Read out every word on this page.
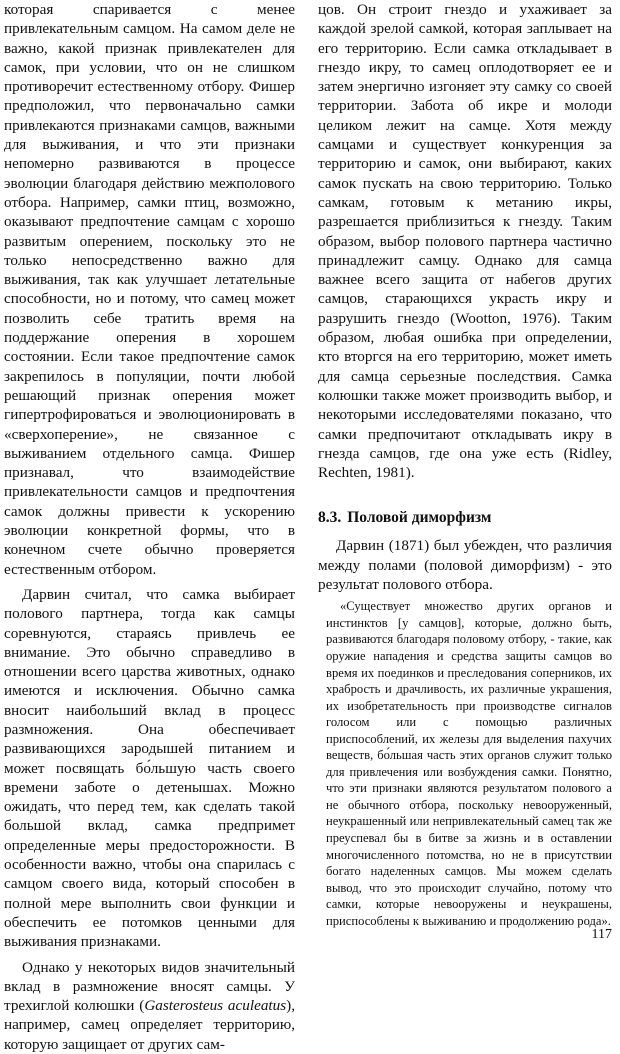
которая спаривается с менее привлекательным самцом. На самом деле не важно, какой признак привлекателен для самок, при условии, что он не слишком противоречит естественному отбору. Фишер предположил, что первоначально самки привлекаются признаками самцов, важными для выживания, и что эти признаки непомерно развиваются в процессе эволюции благодаря действию межполового отбора. Например, самки птиц, возможно, оказывают предпочтение самцам с хорошо развитым оперением, поскольку это не только непосредственно важно для выживания, так как улучшает летательные способности, но и потому, что самец может позволить себе тратить время на поддержание оперения в хорошем состоянии. Если такое предпочтение самок закрепилось в популяции, почти любой решающий признак оперения может гипертрофироваться и эволюционировать в «сверхоперение», не связанное с выживанием отдельного самца. Фишер признавал, что взаимодействие привлекательности самцов и предпочтения самок должны привести к ускорению эволюции конкретной формы, что в конечном счете обычно проверяется естественным отбором.

Дарвин считал, что самка выбирает полового партнера, тогда как самцы соревнуются, стараясь привлечь ее внимание. Это обычно справедливо в отношении всего царства животных, однако имеются и исключения. Обычно самка вносит наибольший вклад в процесс размножения. Она обеспечивает развивающихся зародышей питанием и может посвящать бо́льшую часть своего времени заботе о детенышах. Можно ожидать, что перед тем, как сделать такой большой вклад, самка предпримет определенные меры предосторожности. В особенности важно, чтобы она спарилась с самцом своего вида, который способен в полной мере выполнить свои функции и обеспечить ее потомков ценными для выживания признаками.

Однако у некоторых видов значительный вклад в размножение вносят самцы. У трехиглой колюшки (Gasterosteus aculeatus), например, самец определяет территорию, которую защищает от других сам-

цов. Он строит гнездо и ухаживает за каждой зрелой самкой, которая заплывает на его территорию. Если самка откладывает в гнездо икру, то самец оплодотворяет ее и затем энергично изгоняет эту самку со своей территории. Забота об икре и молоди целиком лежит на самце. Хотя между самцами и существует конкуренция за территорию и самок, они выбирают, каких самок пускать на свою территорию. Только самкам, готовым к метанию икры, разрешается приблизиться к гнезду. Таким образом, выбор полового партнера частично принадлежит самцу. Однако для самца важнее всего защита от набегов других самцов, старающихся украсть икру и разрушить гнездо (Wootton, 1976). Таким образом, любая ошибка при определении, кто вторгся на его территорию, может иметь для самца серьезные последствия. Самка колюшки также может производить выбор, и некоторыми исследователями показано, что самки предпочитают откладывать икру в гнезда самцов, где она уже есть (Ridley, Rechten, 1981).

8.3. Половой диморфизм

Дарвин (1871) был убежден, что различия между полами (половой диморфизм) - это результат полового отбора.

«Существует множество других органов и инстинктов [у самцов], которые, должно быть, развиваются благодаря половому отбору, - такие, как оружие нападения и средства защиты самцов во время их поединков и преследования соперников, их храбрость и драчливость, их различные украшения, их изобретательность при производстве сигналов голосом или с помощью различных приспособлений, их железы для выделения пахучих веществ, бо́льшая часть этих органов служит только для привлечения или возбуждения самки. Понятно, что эти признаки являются результатом полового а не обычного отбора, поскольку невооруженный, неукрашенный или непривлекательный самец так же преуспевал бы в битве за жизнь и в оставлении многочисленного потомства, но не в присутствии богато наделенных самцов. Мы можем сделать вывод, что это происходит случайно, потому что самки, которые невооружены и неукрашены, приспособлены к выживанию и продолжению рода».

117
